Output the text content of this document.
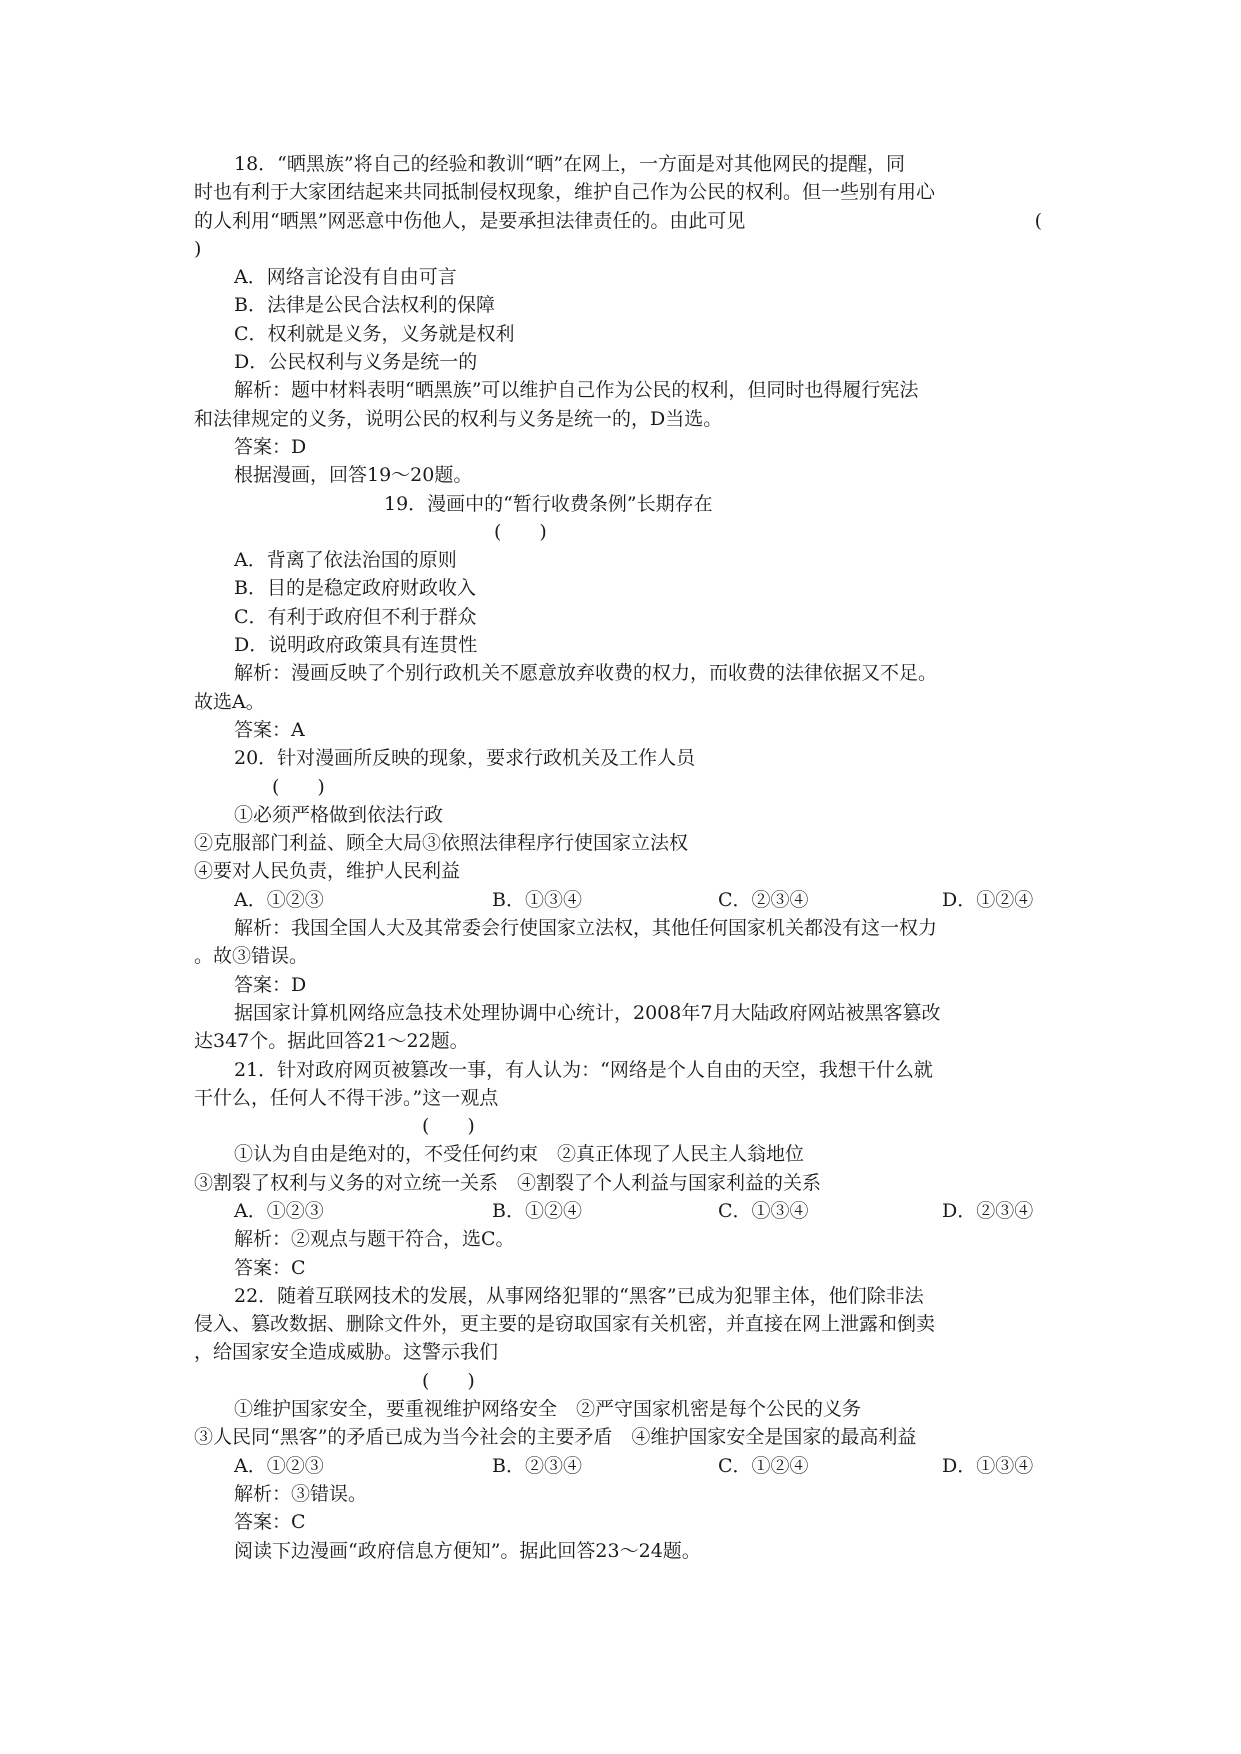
18．“晒黑族”将自己的经验和教训“晒”在网上，一方面是对其他网民的提醒，同
时也有利于大家团结起来共同抵制侵权现象，维护自己作为公民的权利。但一些别有用心
的人利用“晒黑”网恶意中伤他人，是要承担法律责任的。由此可见	(
)
A．网络言论没有自由可言
B．法律是公民合法权利的保障
C．权利就是义务，义务就是权利
D．公民权利与义务是统一的
解析：题中材料表明“晒黑族”可以维护自己作为公民的权利，但同时也得履行宪法
和法律规定的义务，说明公民的权利与义务是统一的，D当选。
答案：D
根据漫画，回答19～20题。
19．漫画中的“暂行收费条例”长期存在
(　　)
A．背离了依法治国的原则
B．目的是稳定政府财政收入
C．有利于政府但不利于群众
D．说明政府政策具有连贯性
解析：漫画反映了个别行政机关不愿意放弃收费的权力，而收费的法律依据又不足。
故选A。
答案：A
20．针对漫画所反映的现象，要求行政机关及工作人员
(　　)
①必须严格做到依法行政
②克服部门利益、顾全大局③依照法律程序行使国家立法权
④要对人民负责，维护人民利益
A．①②③	B．①③④	C．②③④	D．①②④
解析：我国全国人大及其常委会行使国家立法权，其他任何国家机关都没有这一权力
。故③错误。
答案：D
据国家计算机网络应急技术处理协调中心统计，2008年7月大陆政府网站被黑客篡改
达347个。据此回答21～22题。
21．针对政府网页被篡改一事，有人认为：“网络是个人自由的天空，我想干什么就
干什么，任何人不得干涉。”这一观点
(　　)
①认为自由是绝对的，不受任何约束　②真正体现了人民主人翁地位
③割裂了权利与义务的对立统一关系　④割裂了个人利益与国家利益的关系
A．①②③	B．①②④	C．①③④	D．②③④
解析：②观点与题干符合，选C。
答案：C
22．随着互联网技术的发展，从事网络犯罪的“黑客”已成为犯罪主体，他们除非法
侵入、篡改数据、删除文件外，更主要的是窃取国家有关机密，并直接在网上泄露和倒卖
，给国家安全造成威胁。这警示我们
(　　)
①维护国家安全，要重视维护网络安全　②严守国家机密是每个公民的义务
③人民同“黑客”的矛盾已成为当今社会的主要矛盾　④维护国家安全是国家的最高利益
A．①②③	B．②③④	C．①②④	D．①③④
解析：③错误。
答案：C
阅读下边漫画“政府信息方便知”。据此回答23～24题。
